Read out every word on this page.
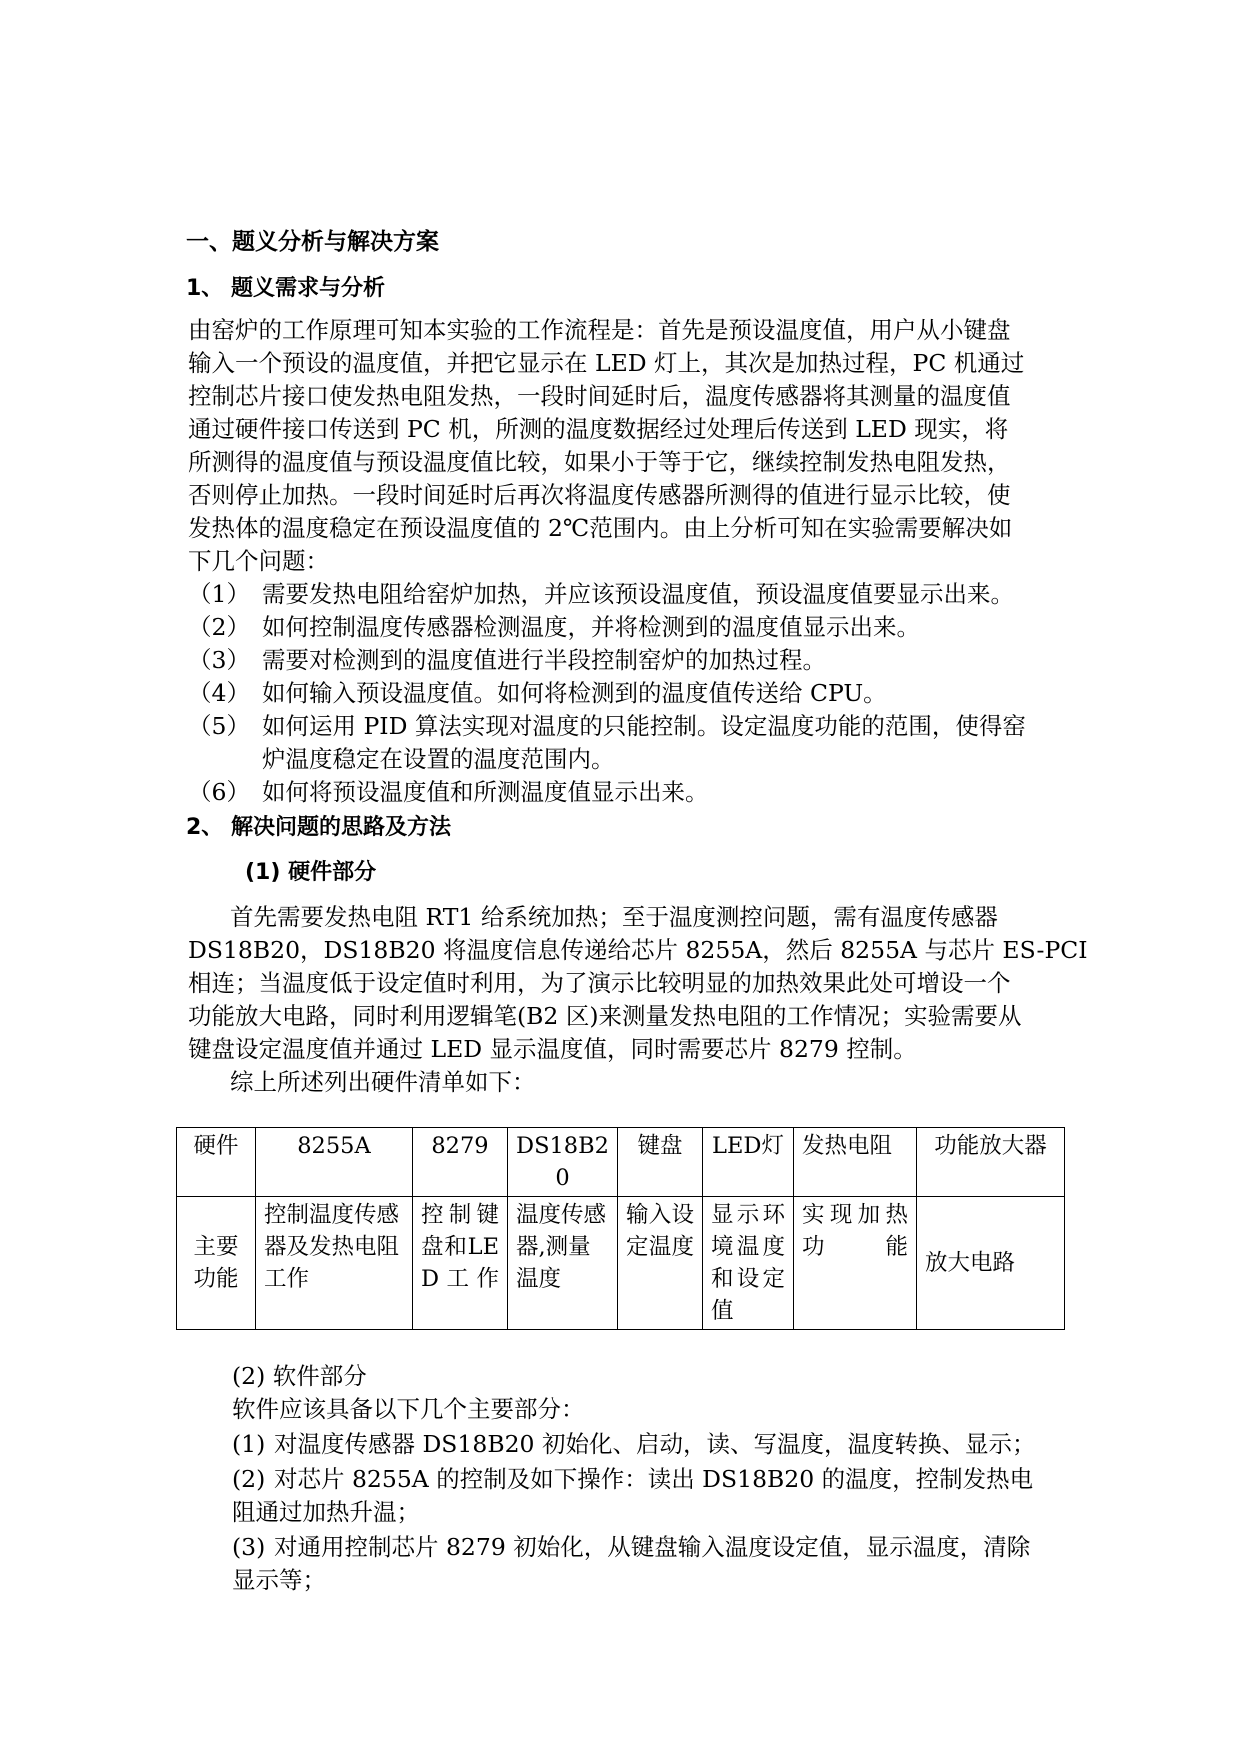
一、题义分析与解决方案
1、 题义需求与分析
由窑炉的工作原理可知本实验的工作流程是：首先是预设温度值，用户从小键盘
输入一个预设的温度值，并把它显示在 LED 灯上，其次是加热过程，PC 机通过
控制芯片接口使发热电阻发热，一段时间延时后，温度传感器将其测量的温度值
通过硬件接口传送到 PC 机，所测的温度数据经过处理后传送到 LED 现实，将
所测得的温度值与预设温度值比较，如果小于等于它，继续控制发热电阻发热，
否则停止加热。一段时间延时后再次将温度传感器所测得的值进行显示比较，使
发热体的温度稳定在预设温度值的 2℃范围内。由上分析可知在实验需要解决如
下几个问题：
（1） 需要发热电阻给窑炉加热，并应该预设温度值，预设温度值要显示出来。
（2） 如何控制温度传感器检测温度，并将检测到的温度值显示出来。
（3） 需要对检测到的温度值进行半段控制窑炉的加热过程。
（4） 如何输入预设温度值。如何将检测到的温度值传送给 CPU。
（5） 如何运用 PID 算法实现对温度的只能控制。设定温度功能的范围，使得窑
炉温度稳定在设置的温度范围内。
（6） 如何将预设温度值和所测温度值显示出来。
2、 解决问题的思路及方法
(1) 硬件部分
首先需要发热电阻 RT1 给系统加热；至于温度测控问题，需有温度传感器
DS18B20，DS18B20 将温度信息传递给芯片 8255A，然后 8255A 与芯片 ES-PCI
相连；当温度低于设定值时利用，为了演示比较明显的加热效果此处可增设一个
功能放大电路，同时利用逻辑笔(B2 区)来测量发热电阻的工作情况；实验需要从
键盘设定温度值并通过 LED 显示温度值，同时需要芯片 8279 控制。
综上所述列出硬件清单如下：
硬件	8255A	8279	DS18B20	键盘	LED灯	发热电阻	功能放大器
主要功能	控制温度传感器及发热电阻工作	控制键盘和LED工作	温度传感器,测量温度	输入设定温度	显示环境温度和设定值	实现加热功能	放大电路
(2) 软件部分
软件应该具备以下几个主要部分：
(1) 对温度传感器 DS18B20 初始化、启动，读、写温度，温度转换、显示；
(2) 对芯片 8255A 的控制及如下操作：读出 DS18B20 的温度，控制发热电
阻通过加热升温；
(3) 对通用控制芯片 8279 初始化，从键盘输入温度设定值，显示温度，清除
显示等；
